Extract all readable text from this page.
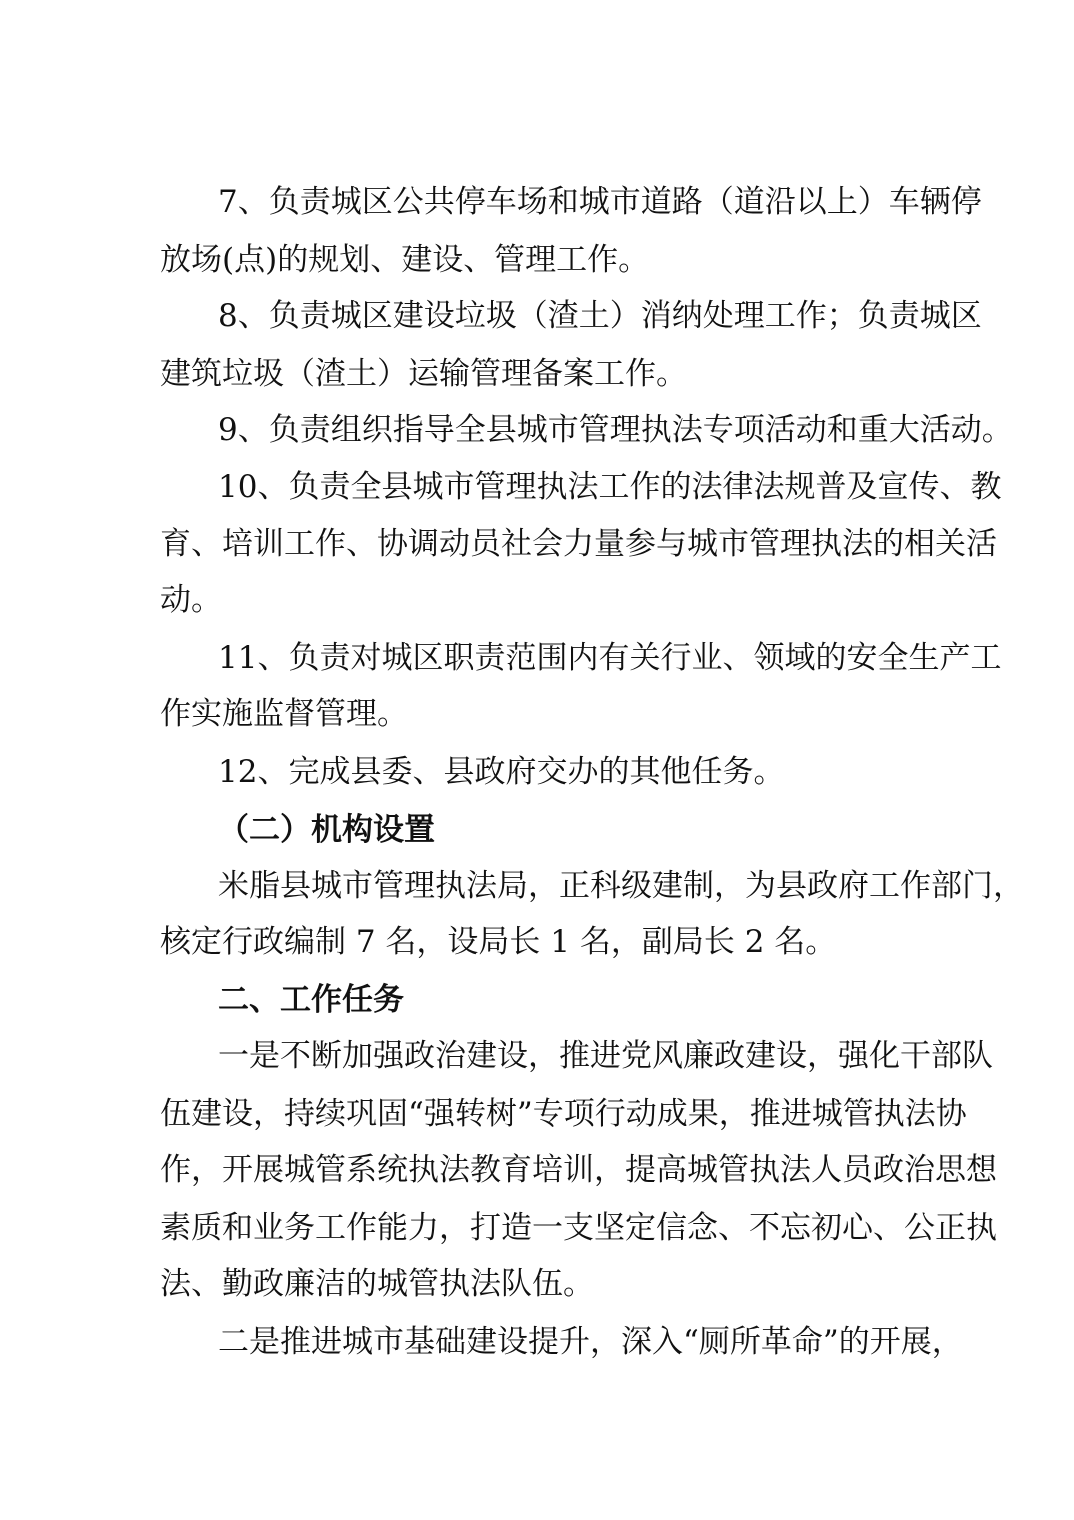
7、负责城区公共停车场和城市道路（道沿以上）车辆停
放场(点)的规划、建设、管理工作。
8、负责城区建设垃圾（渣土）消纳处理工作；负责城区
建筑垃圾（渣土）运输管理备案工作。
9、负责组织指导全县城市管理执法专项活动和重大活动。
10、负责全县城市管理执法工作的法律法规普及宣传、教
育、培训工作、协调动员社会力量参与城市管理执法的相关活
动。
11、负责对城区职责范围内有关行业、领域的安全生产工
作实施监督管理。
12、完成县委、县政府交办的其他任务。
（二）机构设置
米脂县城市管理执法局，正科级建制，为县政府工作部门，
核定行政编制 7 名，设局长 1 名，副局长 2 名。
二、工作任务
一是不断加强政治建设，推进党风廉政建设，强化干部队
伍建设，持续巩固“强转树”专项行动成果，推进城管执法协
作，开展城管系统执法教育培训，提高城管执法人员政治思想
素质和业务工作能力，打造一支坚定信念、不忘初心、公正执
法、勤政廉洁的城管执法队伍。
二是推进城市基础建设提升，深入“厕所革命”的开展，
